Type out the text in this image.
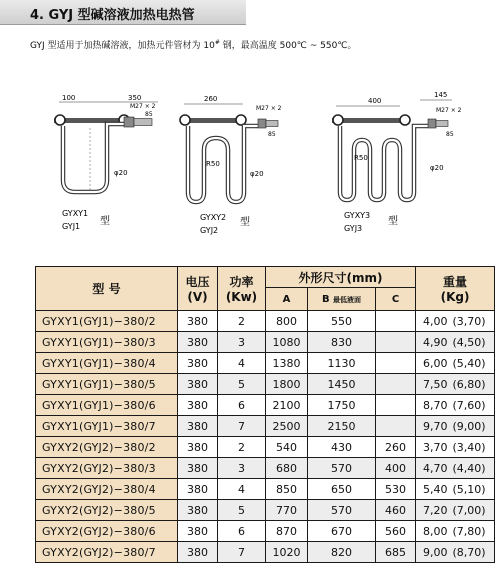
4. GYJ 型碱溶液加热电热管
GYJ 型适用于加热碱溶液，加热元件管材为 10# 钢，最高温度 500℃ ~ 550℃。
100	350
M27 × 2
85
φ20
GYXY1
GYJ1 型
260
M27 × 2
85
R50
φ20
GYXY2
GYJ2
型
400
145
M27 × 2
85
R50
φ20
GYXY3
GYJ3
型
型 号	电压
(V)	功率
(Kw)	外形尺寸(mm)			重量
(Kg)	
			A	B 最低液面	C		
GYXY1(GYJ1)−380/2	380	2	800	550		4,00	(3,70)
GYXY1(GYJ1)−380/3	380	3	1080	830		4,90	(4,50)
GYXY1(GYJ1)−380/4	380	4	1380	1130		6,00	(5,40)
GYXY1(GYJ1)−380/5	380	5	1800	1450		7,50	(6,80)
GYXY1(GYJ1)−380/6	380	6	2100	1750		8,70	(7,60)
GYXY1(GYJ1)−380/7	380	7	2500	2150		9,70	(9,00)
GYXY2(GYJ2)−380/2	380	2	540	430	260	3,70	(3,40)
GYXY2(GYJ2)−380/3	380	3	680	570	400	4,70	(4,40)
GYXY2(GYJ2)−380/4	380	4	850	650	530	5,40	(5,10)
GYXY2(GYJ2)−380/5	380	5	770	570	460	7,20	(7,00)
GYXY2(GYJ2)−380/6	380	6	870	670	560	8,00	(7,80)
GYXY2(GYJ2)−380/7	380	7	1020	820	685	9,00	(8,70)
